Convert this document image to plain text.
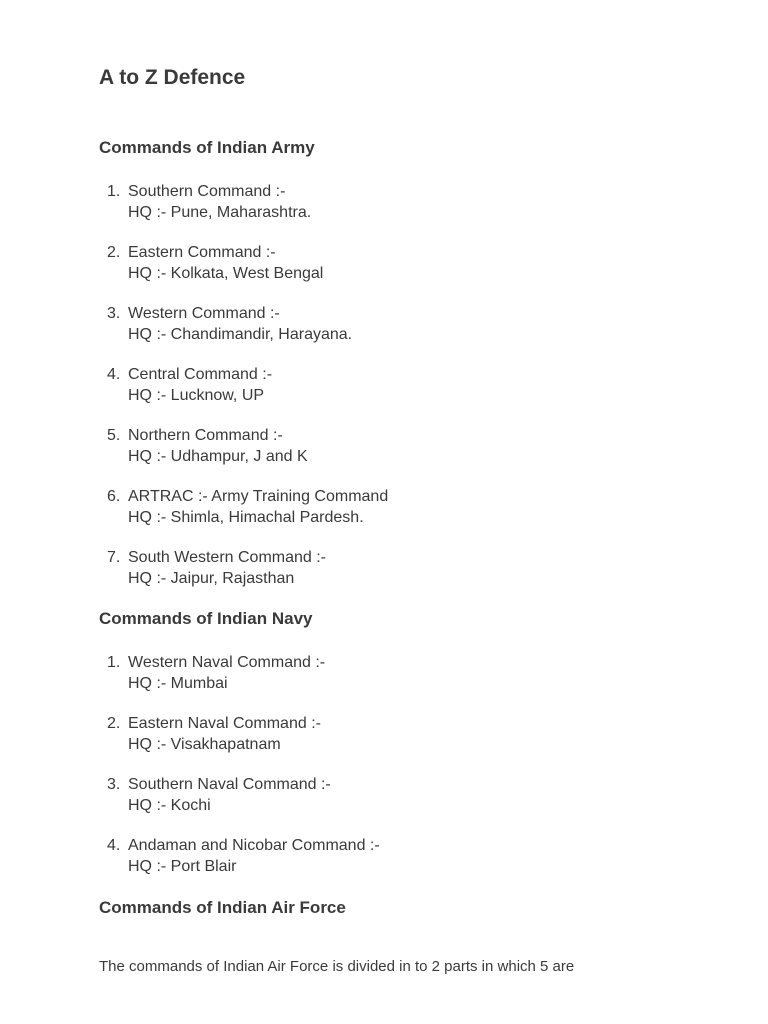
A to Z Defence
Commands of Indian Army
1. Southern Command :-
HQ :- Pune, Maharashtra.
2. Eastern Command :-
HQ :- Kolkata, West Bengal
3. Western Command :-
HQ :- Chandimandir, Harayana.
4. Central Command :-
HQ :- Lucknow, UP
5. Northern Command :-
HQ :- Udhampur, J and K
6. ARTRAC :- Army Training Command
HQ :- Shimla, Himachal Pardesh.
7. South Western Command :-
HQ :- Jaipur, Rajasthan
Commands of Indian Navy
1. Western Naval Command :-
HQ :- Mumbai
2. Eastern Naval Command :-
HQ :- Visakhapatnam
3. Southern Naval Command :-
HQ :- Kochi
4. Andaman and Nicobar Command :-
HQ :- Port Blair
Commands of Indian Air Force

The commands of Indian Air Force is divided in to 2 parts in which 5 are
